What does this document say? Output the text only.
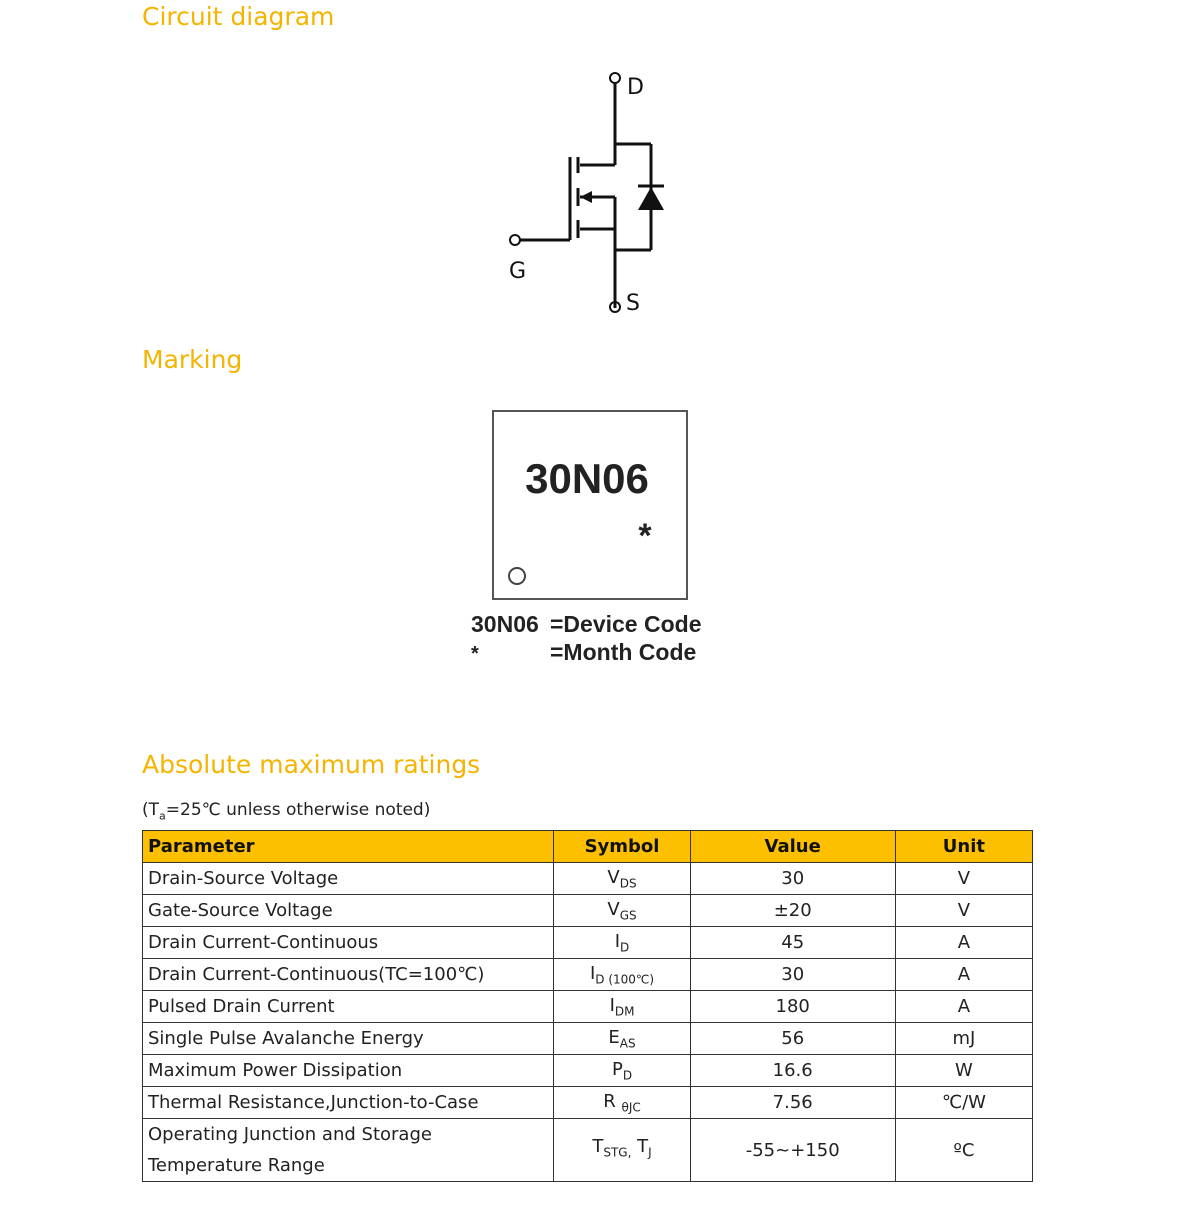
Circuit diagram
D
G
S
Marking
30N06
*
30N06 =Device Code
*	=Month Code
Absolute maximum ratings
($T_a=25℃$ unless otherwise noted)
Parameter	Symbol	Value	Unit
Drain-Source Voltage	$V_{DS}$	30	V
Gate-Source Voltage	$V_{GS}$	±20	V
Drain Current-Continuous	$I_D$	45	A
Drain Current-Continuous(TC=100℃)	$I_{D (100℃)}$	30	A
Pulsed Drain Current	$I_{DM}$	180	A
Single Pulse Avalanche Energy	$E_{AS}$	56	mJ
Maximum Power Dissipation	$P_D$	16.6	W
Thermal Resistance,Junction-to-Case	R $_{\theta JC}$	7.56	℃/W
Operating Junction and Storage
Temperature Range	$T_{STG,}$ $T_J$	-55~+150	ºC
